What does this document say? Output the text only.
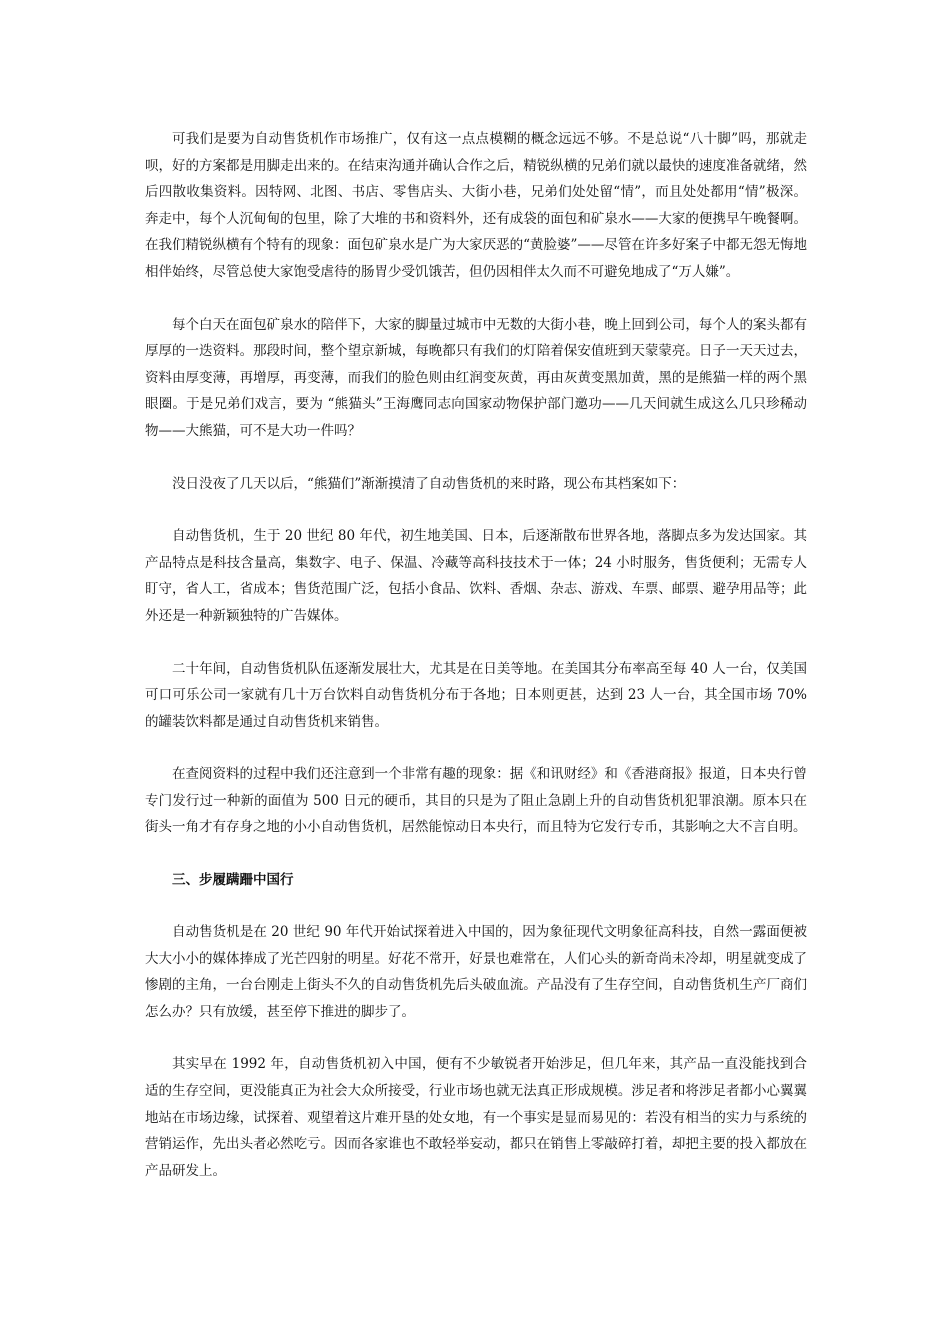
可我们是要为自动售货机作市场推广，仅有这一点点模糊的概念远远不够。不是总说“八十脚”吗，那就走呗，好的方案都是用脚走出来的。在结束沟通并确认合作之后，精锐纵横的兄弟们就以最快的速度准备就绪，然后四散收集资料。因特网、北图、书店、零售店头、大街小巷，兄弟们处处留“情”，而且处处都用“情”极深。奔走中，每个人沉甸甸的包里，除了大堆的书和资料外，还有成袋的面包和矿泉水——大家的便携早午晚餐啊。在我们精锐纵横有个特有的现象：面包矿泉水是广为大家厌恶的“黄脸婆”——尽管在许多好案子中都无怨无悔地相伴始终，尽管总使大家饱受虐待的肠胃少受饥饿苦，但仍因相伴太久而不可避免地成了“万人嫌”。

每个白天在面包矿泉水的陪伴下，大家的脚量过城市中无数的大街小巷，晚上回到公司，每个人的案头都有厚厚的一迭资料。那段时间，整个望京新城，每晚都只有我们的灯陪着保安值班到天蒙蒙亮。日子一天天过去，资料由厚变薄，再增厚，再变薄，而我们的脸色则由红润变灰黄，再由灰黄变黑加黄，黑的是熊猫一样的两个黑眼圈。于是兄弟们戏言，要为 “熊猫头”王海鹰同志向国家动物保护部门邀功——几天间就生成这么几只珍稀动物——大熊猫，可不是大功一件吗？

没日没夜了几天以后，“熊猫们”渐渐摸清了自动售货机的来时路，现公布其档案如下：

自动售货机，生于 20 世纪 80 年代，初生地美国、日本，后逐渐散布世界各地，落脚点多为发达国家。其产品特点是科技含量高，集数字、电子、保温、冷藏等高科技技术于一体；24 小时服务，售货便利；无需专人盯守，省人工，省成本；售货范围广泛，包括小食品、饮料、香烟、杂志、游戏、车票、邮票、避孕用品等；此外还是一种新颖独特的广告媒体。

二十年间，自动售货机队伍逐渐发展壮大，尤其是在日美等地。在美国其分布率高至每 40 人一台，仅美国可口可乐公司一家就有几十万台饮料自动售货机分布于各地；日本则更甚，达到 23 人一台，其全国市场 70% 的罐装饮料都是通过自动售货机来销售。

在查阅资料的过程中我们还注意到一个非常有趣的现象：据《和讯财经》和《香港商报》报道，日本央行曾专门发行过一种新的面值为 500 日元的硬币，其目的只是为了阻止急剧上升的自动售货机犯罪浪潮。原本只在街头一角才有存身之地的小小自动售货机，居然能惊动日本央行，而且特为它发行专币，其影响之大不言自明。

三、步履蹒跚中国行

自动售货机是在 20 世纪 90 年代开始试探着进入中国的，因为象征现代文明象征高科技，自然一露面便被大大小小的媒体捧成了光芒四射的明星。好花不常开，好景也难常在，人们心头的新奇尚未冷却，明星就变成了惨剧的主角，一台台刚走上街头不久的自动售货机先后头破血流。产品没有了生存空间，自动售货机生产厂商们怎么办？只有放缓，甚至停下推进的脚步了。

其实早在 1992 年，自动售货机初入中国，便有不少敏锐者开始涉足，但几年来，其产品一直没能找到合适的生存空间，更没能真正为社会大众所接受，行业市场也就无法真正形成规模。涉足者和将涉足者都小心翼翼地站在市场边缘，试探着、观望着这片难开垦的处女地，有一个事实是显而易见的：若没有相当的实力与系统的营销运作，先出头者必然吃亏。因而各家谁也不敢轻举妄动，都只在销售上零敲碎打着，却把主要的投入都放在产品研发上。
